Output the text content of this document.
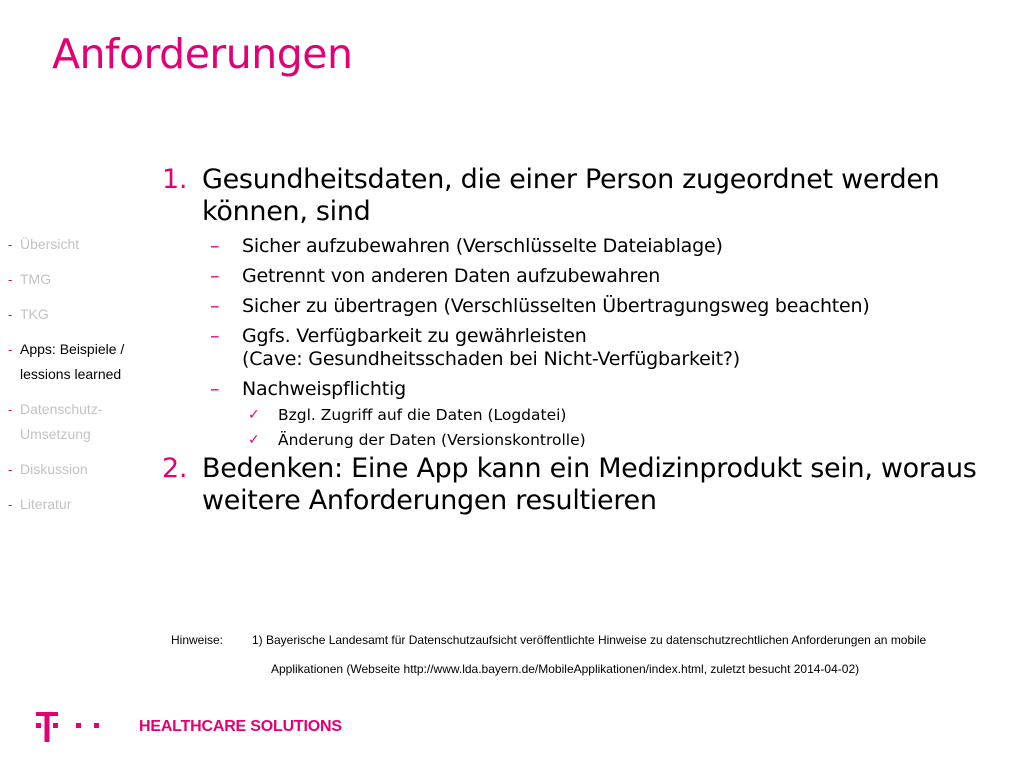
Anforderungen
- Übersicht
- TMG
- TKG
- Apps: Beispiele / lessions learned
- Datenschutz-Umsetzung
- Diskussion
- Literatur
1. Gesundheitsdaten, die einer Person zugeordnet werden können, sind
– Sicher aufzubewahren (Verschlüsselte Dateiablage)
– Getrennt von anderen Daten aufzubewahren
– Sicher zu übertragen (Verschlüsselten Übertragungsweg beachten)
– Ggfs. Verfügbarkeit zu gewährleisten
(Cave: Gesundheitsschaden bei Nicht-Verfügbarkeit?)
– Nachweispflichtig
✓ Bzgl. Zugriff auf die Daten (Logdatei)
✓ Änderung der Daten (Versionskontrolle)
2. Bedenken: Eine App kann ein Medizinprodukt sein, woraus weitere Anforderungen resultieren
Hinweise: 1) Bayerische Landesamt für Datenschutzaufsicht veröffentlichte Hinweise zu datenschutzrechtlichen Anforderungen an mobile
Applikationen (Webseite http://www.lda.bayern.de/MobileApplikationen/index.html, zuletzt besucht 2014-04-02)
HEALTHCARE SOLUTIONS
